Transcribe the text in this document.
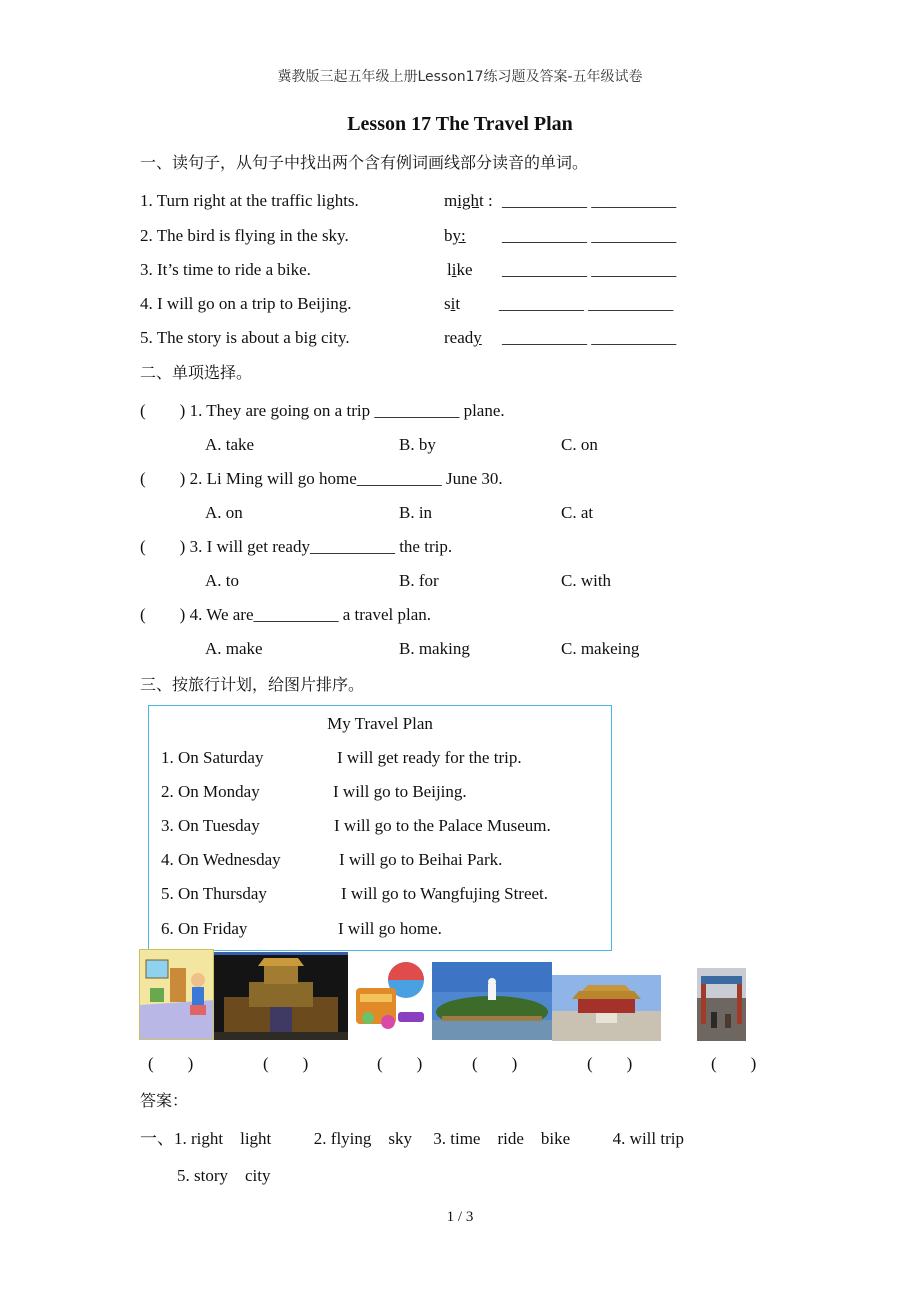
冀教版三起五年级上册Lesson17练习题及答案-五年级试卷
Lesson 17 The Travel Plan
一、读句子，从句子中找出两个含有例词画线部分读音的单词。
1. Turn right at the traffic lights.	might : __________ __________
2. The bird is flying in the sky.	by: __________ __________
3. It’s time to ride a bike.	like __________ __________
4. I will go on a trip to Beijing.	sit __________ __________
5. The story is about a big city.	ready __________ __________
二、单项选择。
(        ) 1. They are going on a trip __________ plane.
A. take	B. by	C. on
(        ) 2. Li Ming will go home__________ June 30.
A. on	B. in	C. at
(        ) 3. I will get ready__________ the trip.
A. to	B. for	C. with
(        ) 4. We are__________ a travel plan.
A. make	B. making	C. makeing
三、按旅行计划，给图片排序。
My Travel Plan
1. On Saturday	I will get ready for the trip.
2. On Monday	I will go to Beijing.
3. On Tuesday	I will go to the Palace Museum.
4. On Wednesday	I will go to Beihai Park.
5. On Thursday	I will go to Wangfujing Street.
6. On Friday	I will go home.
(        )	(        )	(        )	(        )	(        )	(        )
答案：
一、1. right    light          2. flying    sky     3. time    ride    bike          4. will trip
5. story    city
1 / 3
